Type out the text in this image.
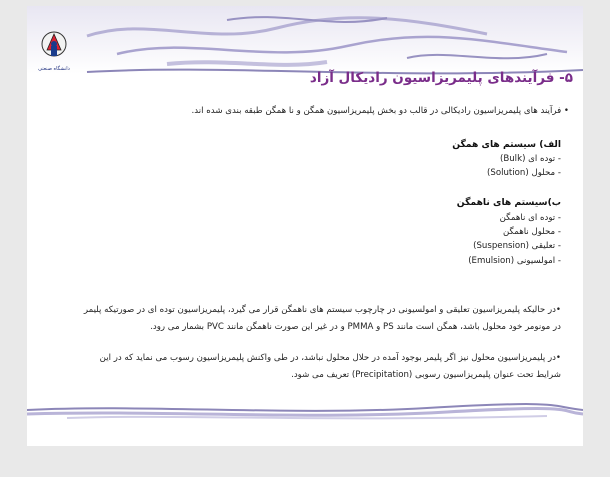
دانشگاه صنعتی
۵- فرآیندهای پلیمریزاسیون رادیکال آزاد
• فرآیند های پلیمریزاسیون رادیکالی در قالب دو بخش پلیمریزاسیون همگن و نا همگن طبقه بندی شده اند.
الف) سیستم های همگن
- توده ای (Bulk)
- محلول (Solution)
ب)سیستم های ناهمگن
- توده ای ناهمگن
- محلول ناهمگن
- تعلیقی (Suspension)
- امولسیونی (Emulsion)
•در حالیکه پلیمریزاسیون تعلیقی و امولسیونی در چارچوب سیستم های ناهمگن قرار می گیرد، پلیمریزاسیون توده ای در صورتیکه پلیمر
در مونومر خود محلول باشد، همگن است مانند PS و PMMA و در غیر این صورت ناهمگن مانند PVC بشمار می رود.
•در پلیمریزاسیون محلول نیز اگر پلیمر بوجود آمده در حلال محلول نباشد، در طی واکنش پلیمریزاسیون رسوب می نماید که در این
شرایط تحت عنوان پلیمریزاسیون رسوبی (Precipitation) تعریف می شود.
